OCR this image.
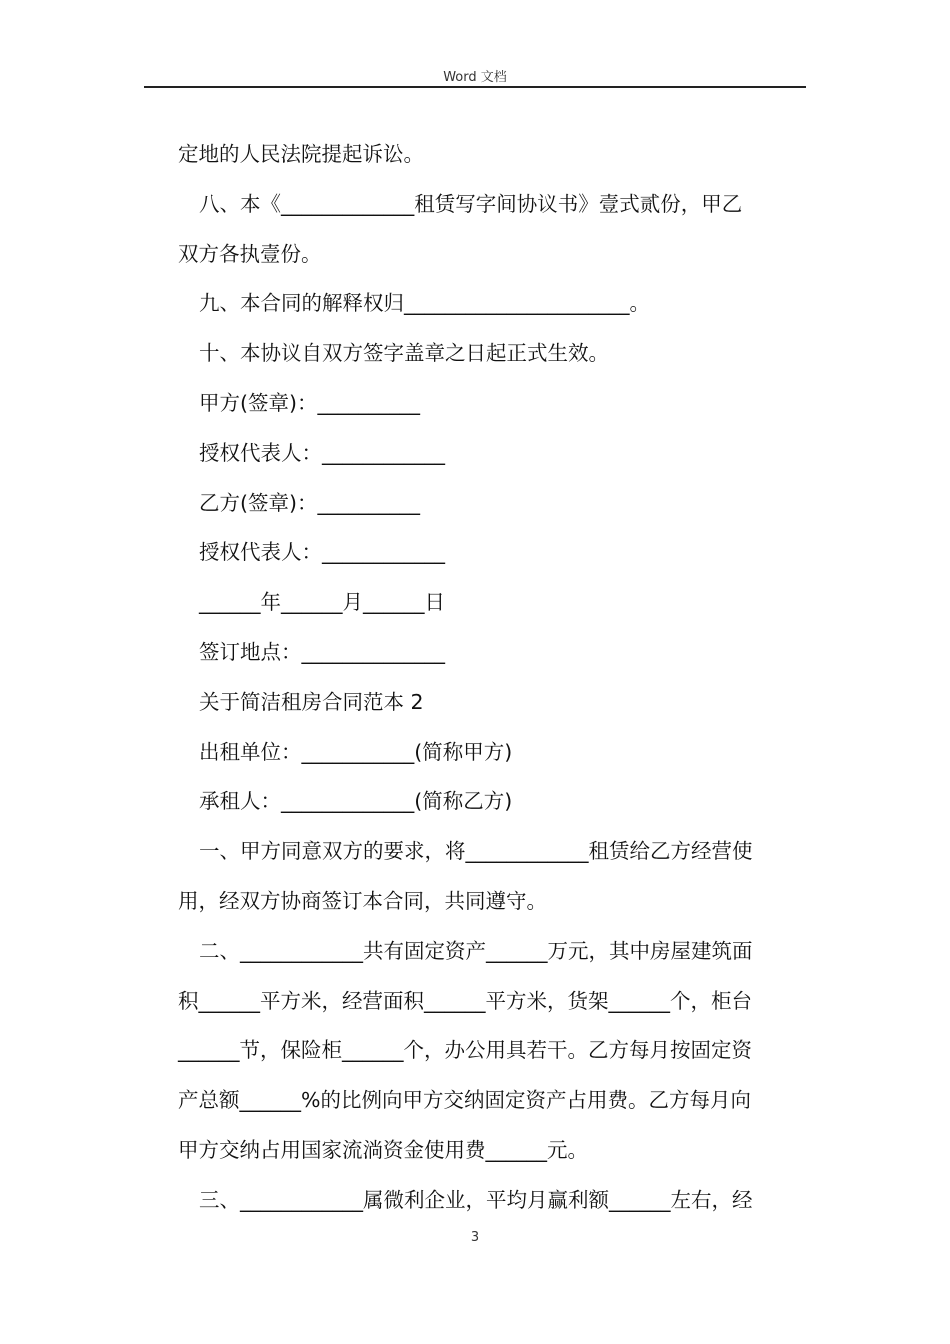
Word 文档
定地的人民法院提起诉讼。
八、本《_____________租赁写字间协议书》壹式贰份，甲乙
双方各执壹份。
九、本合同的解释权归______________________。
十、本协议自双方签字盖章之日起正式生效。
甲方(签章)：__________
授权代表人：____________
乙方(签章)：__________
授权代表人：____________
______年______月______日
签订地点：______________
关于简洁租房合同范本 2
出租单位：___________(简称甲方)
承租人：_____________(简称乙方)
一、甲方同意双方的要求，将____________租赁给乙方经营使
用，经双方协商签订本合同，共同遵守。
二、____________共有固定资产______万元，其中房屋建筑面
积______平方米，经营面积______平方米，货架______个，柜台
______节，保险柜______个，办公用具若干。乙方每月按固定资
产总额______%的比例向甲方交纳固定资产占用费。乙方每月向
甲方交纳占用国家流淌资金使用费______元。
三、____________属微利企业，平均月赢利额______左右，经
3
